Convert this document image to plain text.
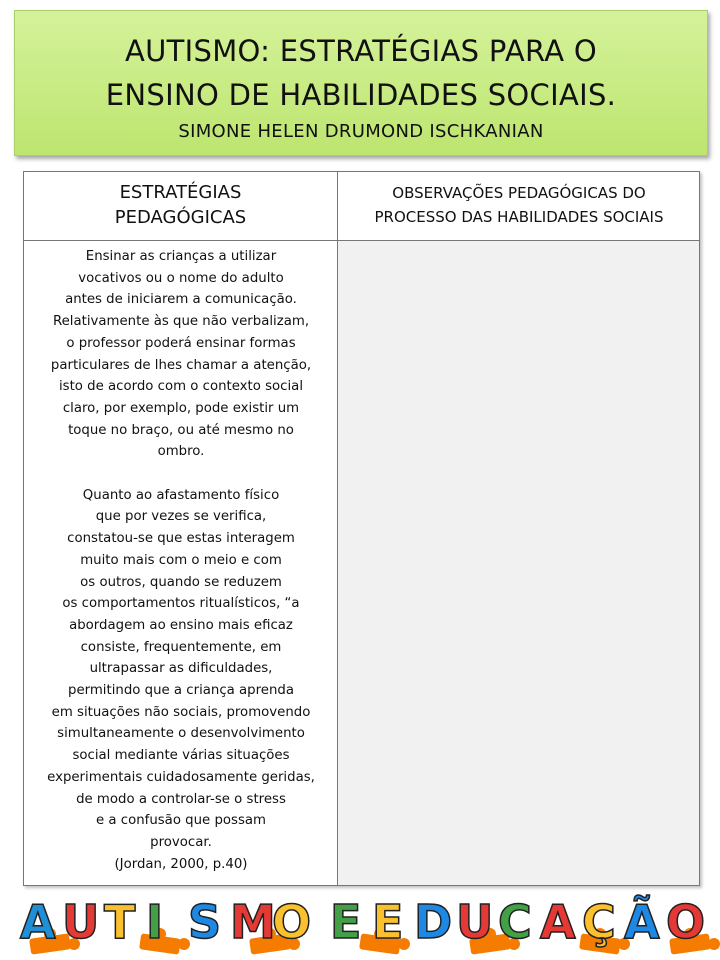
AUTISMO: ESTRATÉGIAS PARA O
ENSINO DE HABILIDADES SOCIAIS.
SIMONE HELEN DRUMOND ISCHKANIAN
ESTRATÉGIAS
PEDAGÓGICAS
OBSERVAÇÕES PEDAGÓGICAS DO
PROCESSO DAS HABILIDADES SOCIAIS
Ensinar as crianças a utilizar
vocativos ou o nome do adulto
antes de iniciarem a comunicação.
Relativamente às que não verbalizam,
o professor poderá ensinar formas
particulares de lhes chamar a atenção,
isto de acordo com o contexto social
claro, por exemplo, pode existir um
toque no braço, ou até mesmo no
ombro.
Quanto ao afastamento físico
que por vezes se verifica,
constatou-se que estas interagem
muito mais com o meio e com
os outros, quando se reduzem
os comportamentos ritualísticos, “a
abordagem ao ensino mais eficaz
consiste, frequentemente, em
ultrapassar as dificuldades,
permitindo que a criança aprenda
em situações não sociais, promovendo
simultaneamente o desenvolvimento
social mediante várias situações
experimentais cuidadosamente geridas,
de modo a controlar-se o stress
e a confusão que possam
provocar.
(Jordan, 2000, p.40)
A U T I S M
O E E D U C A Ç Ã O
